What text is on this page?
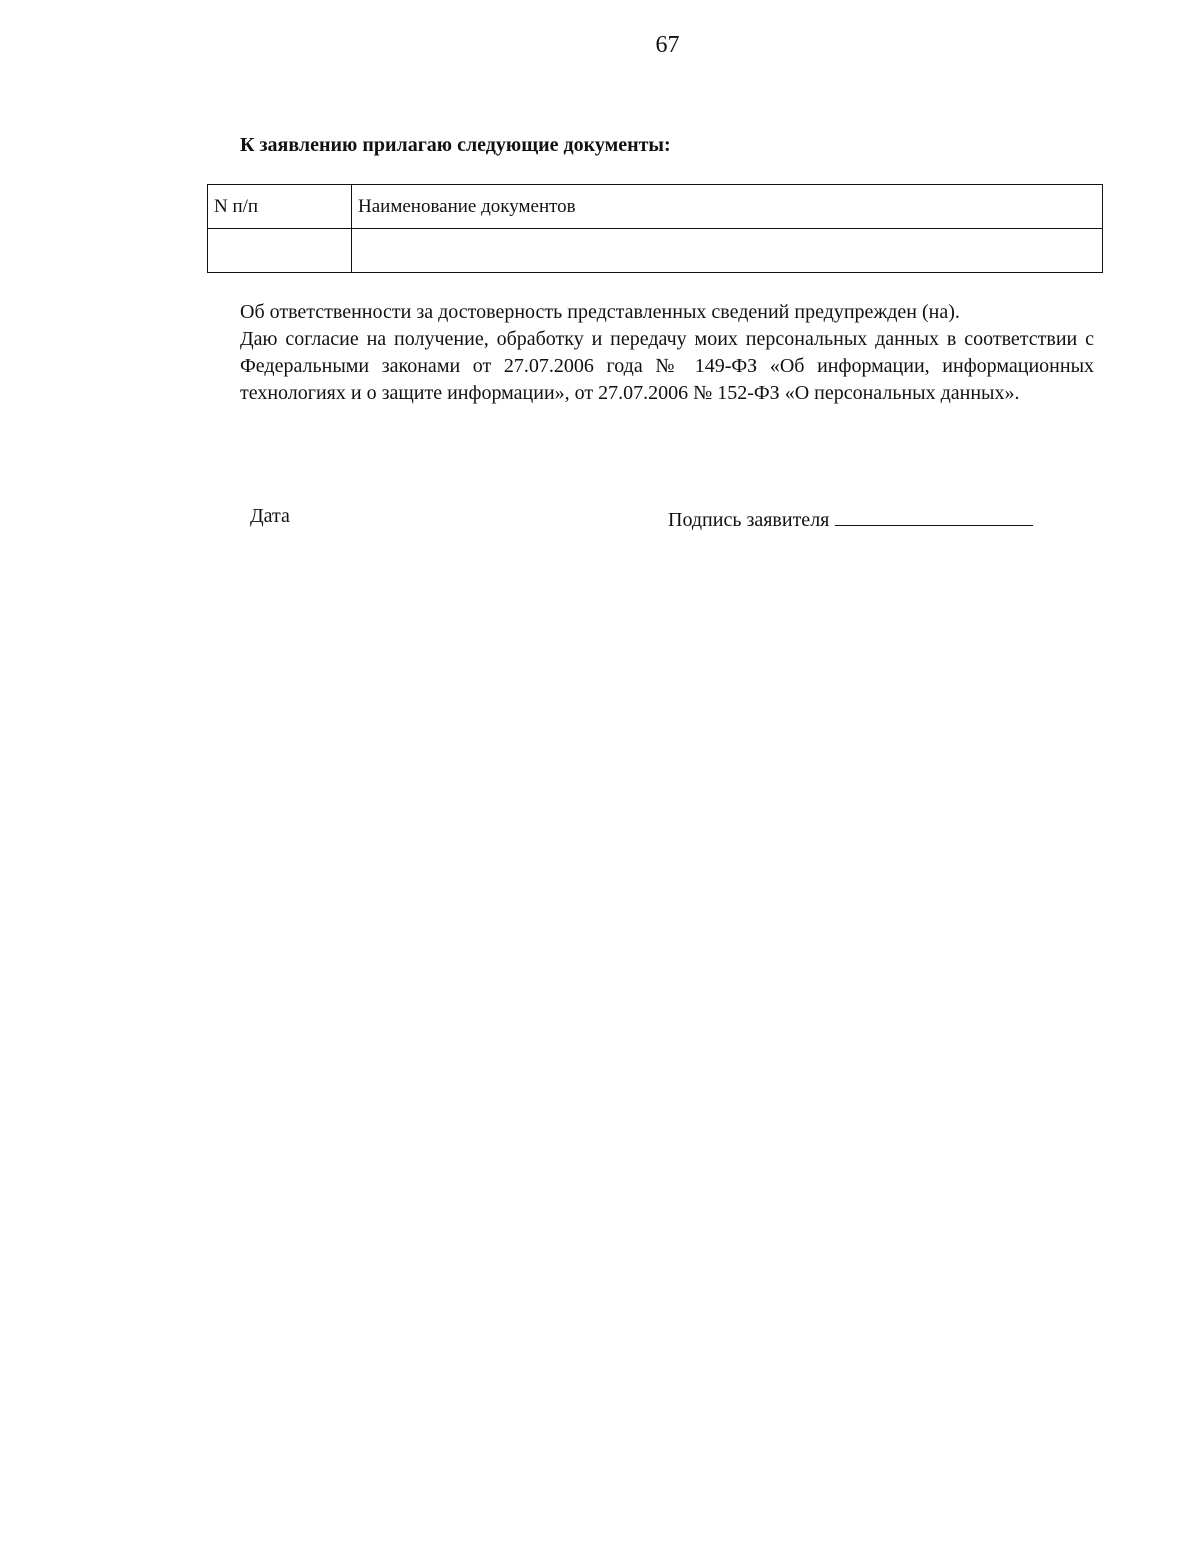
67
К заявлению прилагаю следующие документы:
N п/п	Наименование документов

Об ответственности за достоверность представленных сведений предупрежден (на).

Даю согласие на получение, обработку и передачу моих персональных данных в соответствии с Федеральными законами от 27.07.2006 года № 149-ФЗ «Об информации, информационных технологиях и о защите информации», от 27.07.2006 № 152-ФЗ «О персональных данных».

Дата	Подпись заявителя
